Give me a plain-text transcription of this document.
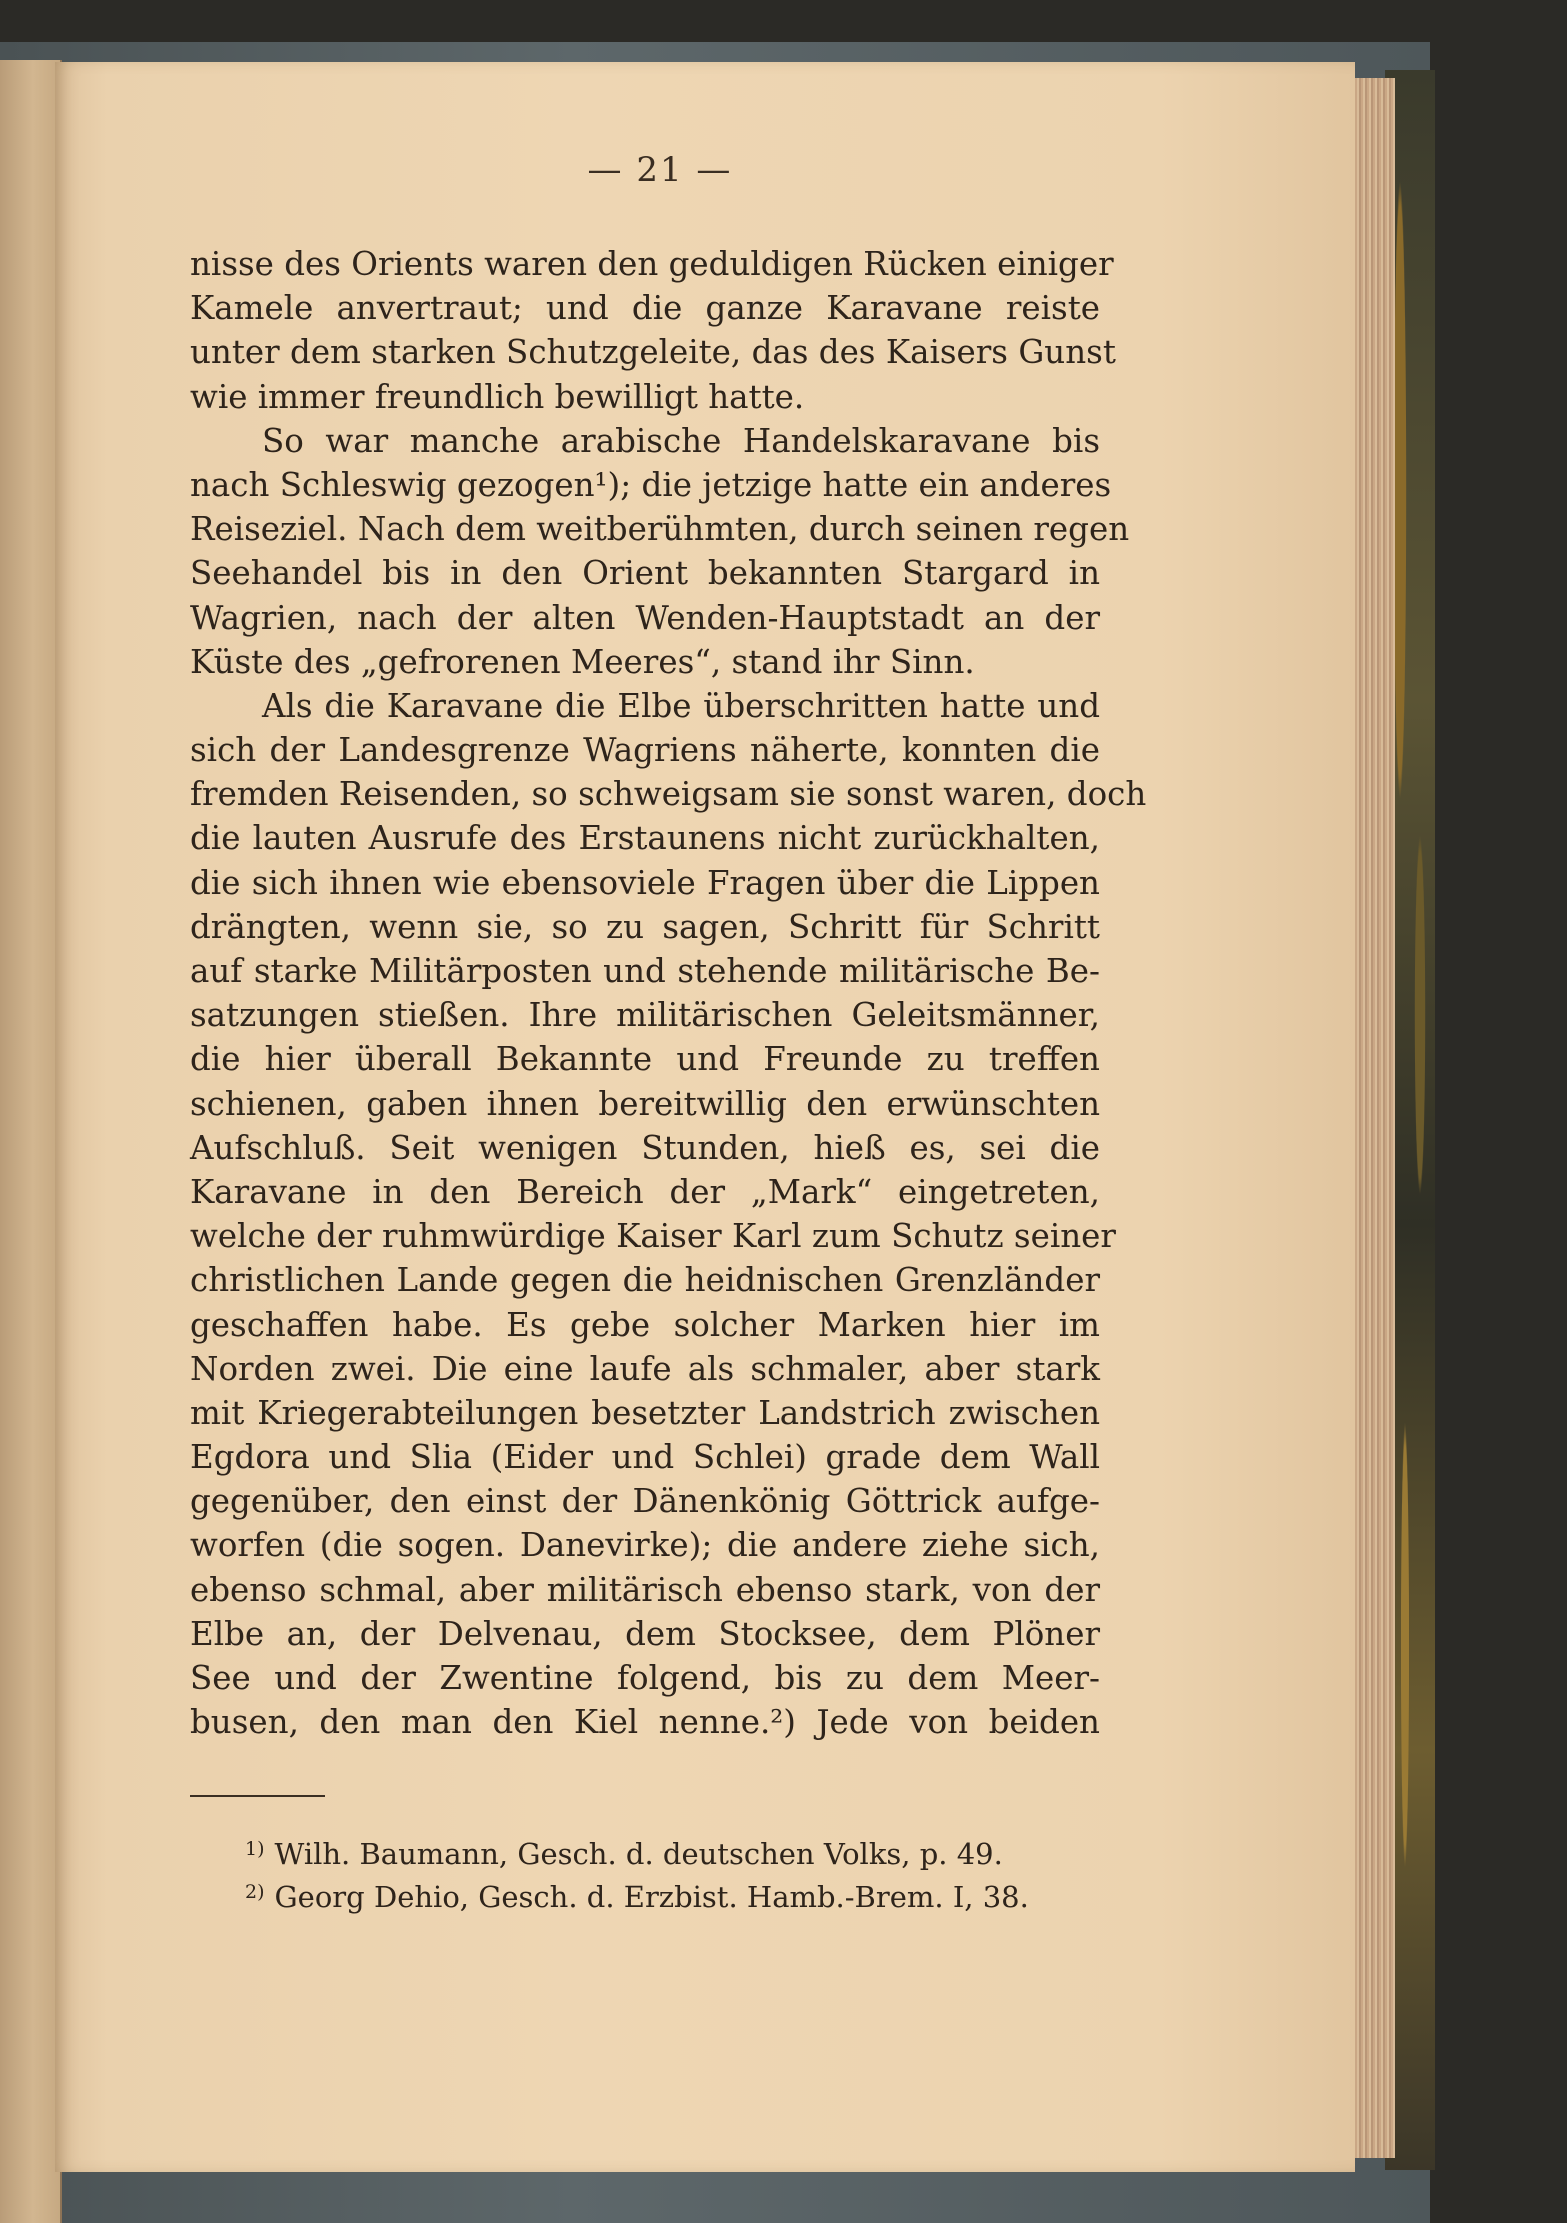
— 21 —
nisse des Orients waren den geduldigen Rücken einiger
Kamele anvertraut; und die ganze Karavane reiste
unter dem starken Schutzgeleite, das des Kaisers Gunst
wie immer freundlich bewilligt hatte.
So war manche arabische Handelskaravane bis
nach Schleswig gezogen¹); die jetzige hatte ein anderes
Reiseziel. Nach dem weitberühmten, durch seinen regen
Seehandel bis in den Orient bekannten Stargard in
Wagrien, nach der alten Wenden-Hauptstadt an der
Küste des „gefrorenen Meeres“, stand ihr Sinn.
Als die Karavane die Elbe überschritten hatte und
sich der Landesgrenze Wagriens näherte, konnten die
fremden Reisenden, so schweigsam sie sonst waren, doch
die lauten Ausrufe des Erstaunens nicht zurückhalten,
die sich ihnen wie ebensoviele Fragen über die Lippen
drängten, wenn sie, so zu sagen, Schritt für Schritt
auf starke Militärposten und stehende militärische Be-
satzungen stießen. Ihre militärischen Geleitsmänner,
die hier überall Bekannte und Freunde zu treffen
schienen, gaben ihnen bereitwillig den erwünschten
Aufschluß. Seit wenigen Stunden, hieß es, sei die
Karavane in den Bereich der „Mark“ eingetreten,
welche der ruhmwürdige Kaiser Karl zum Schutz seiner
christlichen Lande gegen die heidnischen Grenzländer
geschaffen habe. Es gebe solcher Marken hier im
Norden zwei. Die eine laufe als schmaler, aber stark
mit Kriegerabteilungen besetzter Landstrich zwischen
Egdora und Slia (Eider und Schlei) grade dem Wall
gegenüber, den einst der Dänenkönig Göttrick aufge-
worfen (die sogen. Danevirke); die andere ziehe sich,
ebenso schmal, aber militärisch ebenso stark, von der
Elbe an, der Delvenau, dem Stocksee, dem Plöner
See und der Zwentine folgend, bis zu dem Meer-
busen, den man den Kiel nenne.²) Jede von beiden
$^{1)}$ Wilh. Baumann, Gesch. d. deutschen Volks, p. 49.
$^{2)}$ Georg Dehio, Gesch. d. Erzbist. Hamb.-Brem. I, 38.
